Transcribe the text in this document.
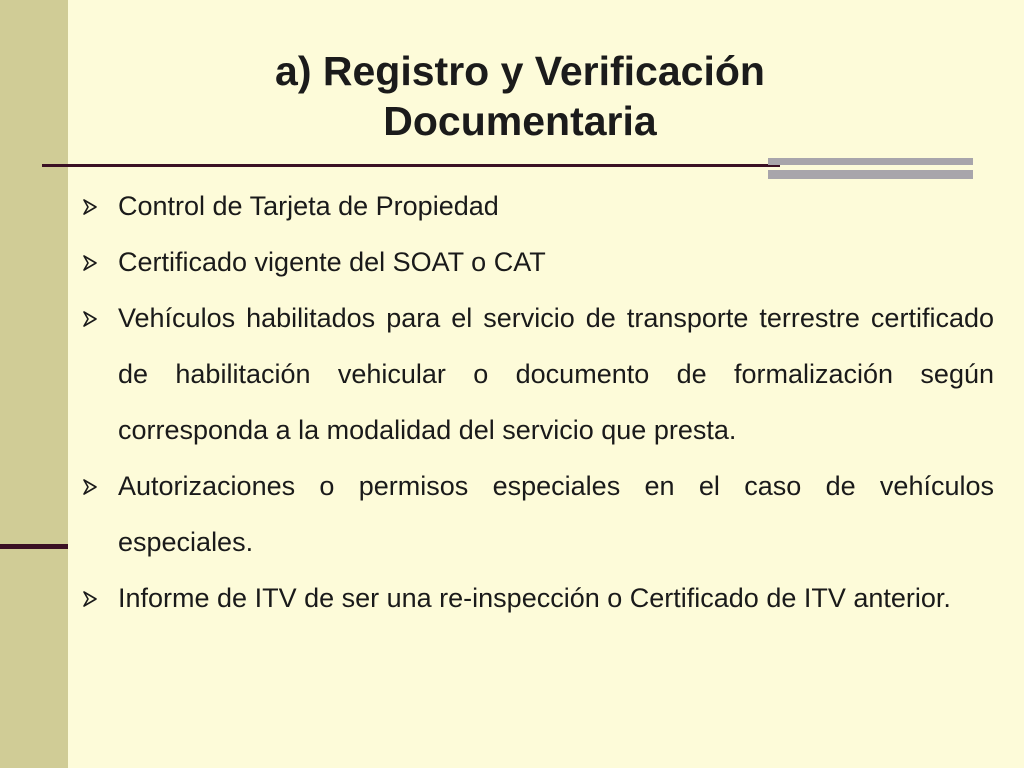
a) Registro y Verificación
Documentaria
Control de Tarjeta de Propiedad
Certificado vigente del SOAT o CAT
Vehículos habilitados para el servicio de transporte terrestre certificado de habilitación vehicular o documento de formalización según corresponda a la modalidad del servicio que presta.
Autorizaciones o permisos especiales en el caso de vehículos especiales.
Informe de ITV de ser una re-inspección o Certificado de ITV anterior.
